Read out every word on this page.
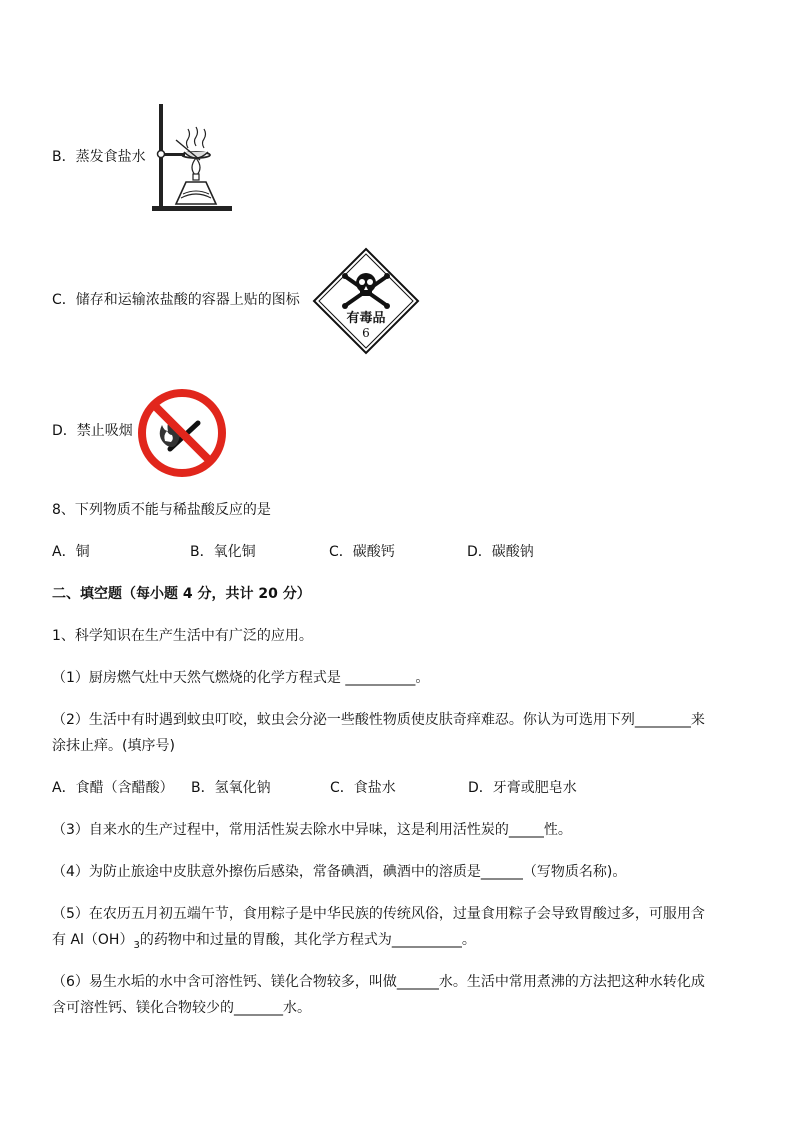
B．蒸发食盐水
C．储存和运输浓盐酸的容器上贴的图标
有毒品
6
D．禁止吸烟
8、下列物质不能与稀盐酸反应的是
A．铜	B．氧化铜	C．碳酸钙	D．碳酸钠
二、填空题（每小题 4 分，共计 20 分）
1、科学知识在生产生活中有广泛的应用。
（1）厨房燃气灶中天然气燃烧的化学方程式是 __________。
（2）生活中有时遇到蚊虫叮咬，蚊虫会分泌一些酸性物质使皮肤奇痒难忍。你认为可选用下列________来
涂抹止痒。(填序号)
A．食醋（含醋酸） B．氢氧化钠	C．食盐水	D．牙膏或肥皂水
（3）自来水的生产过程中，常用活性炭去除水中异味，这是利用活性炭的_____性。
（4）为防止旅途中皮肤意外擦伤后感染，常备碘酒，碘酒中的溶质是______（写物质名称)。
（5）在农历五月初五端午节，食用粽子是中华民族的传统风俗，过量食用粽子会导致胃酸过多，可服用含
有 $Al(OH)_3$的药物中和过量的胃酸，其化学方程式为__________。
（6）易生水垢的水中含可溶性钙、镁化合物较多，叫做______水。生活中常用煮沸的方法把这种水转化成
含可溶性钙、镁化合物较少的_______水。
